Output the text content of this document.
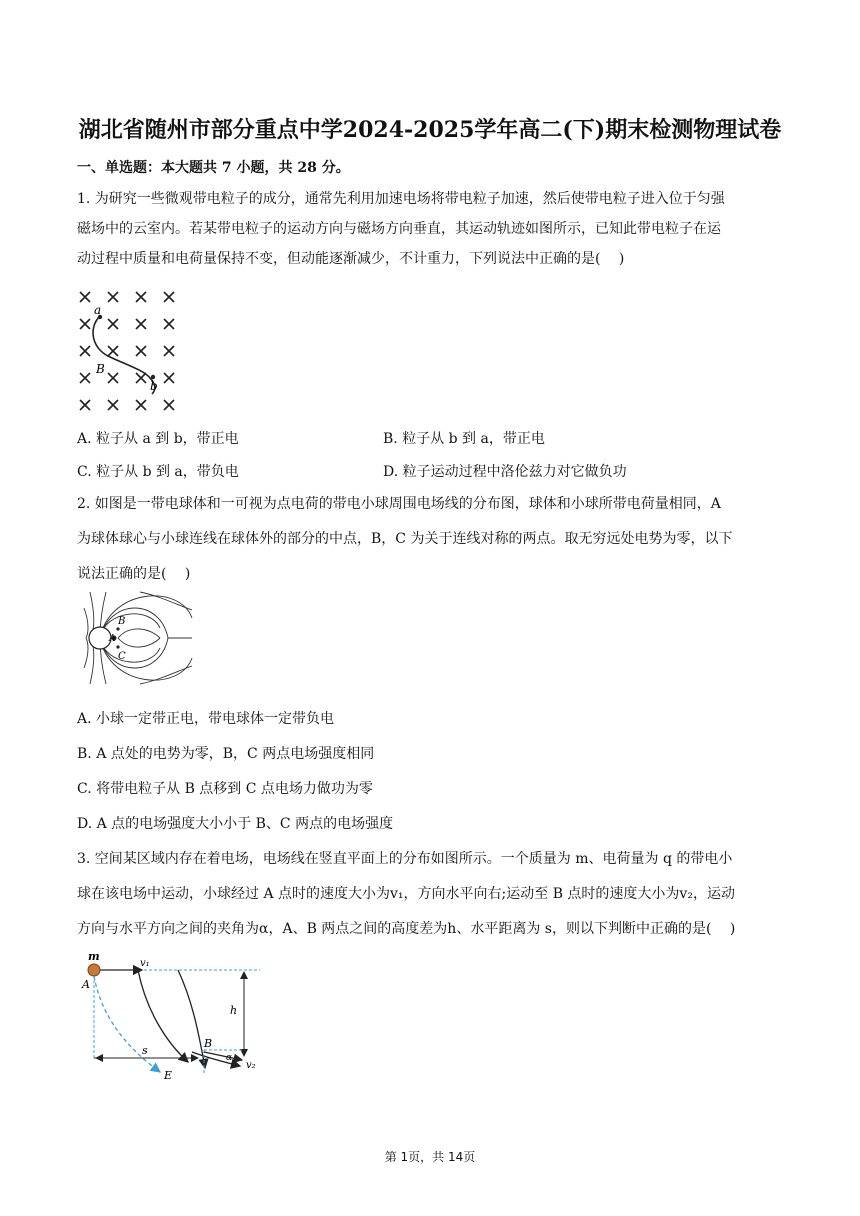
湖北省随州市部分重点中学2024-2025学年高二(下)期末检测物理试卷
一、单选题：本大题共 7 小题，共 28 分。
1. 为研究一些微观带电粒子的成分，通常先利用加速电场将带电粒子加速，然后使带电粒子进入位于匀强
磁场中的云室内。若某带电粒子的运动方向与磁场方向垂直，其运动轨迹如图所示，已知此带电粒子在运
动过程中质量和电荷量保持不变，但动能逐渐减少，不计重力，下列说法中正确的是(　 )
a
b
B
A. 粒子从 a 到 b，带正电	B. 粒子从 b 到 a，带正电
C. 粒子从 b 到 a，带负电	D. 粒子运动过程中洛伦兹力对它做负功
2. 如图是一带电球体和一可视为点电荷的带电小球周围电场线的分布图，球体和小球所带电荷量相同，A
为球体球心与小球连线在球体外的部分的中点，B，C 为关于连线对称的两点。取无穷远处电势为零，以下
说法正确的是(　 )
B
A
C
A. 小球一定带正电，带电球体一定带负电
B. A 点处的电势为零，B，C 两点电场强度相同
C. 将带电粒子从 B 点移到 C 点电场力做功为零
D. A 点的电场强度大小小于 B、C 两点的电场强度
3. 空间某区域内存在着电场，电场线在竖直平面上的分布如图所示。一个质量为 m、电荷量为 q 的带电小
球在该电场中运动，小球经过 A 点时的速度大小为v₁，方向水平向右;运动至 B 点时的速度大小为v₂，运动
方向与水平方向之间的夹角为α，A、B 两点之间的高度差为h、水平距离为 s，则以下判断中正确的是(　 )
m
v₁
A
h
s
B
α
v₂
E
第 1页，共 14页
